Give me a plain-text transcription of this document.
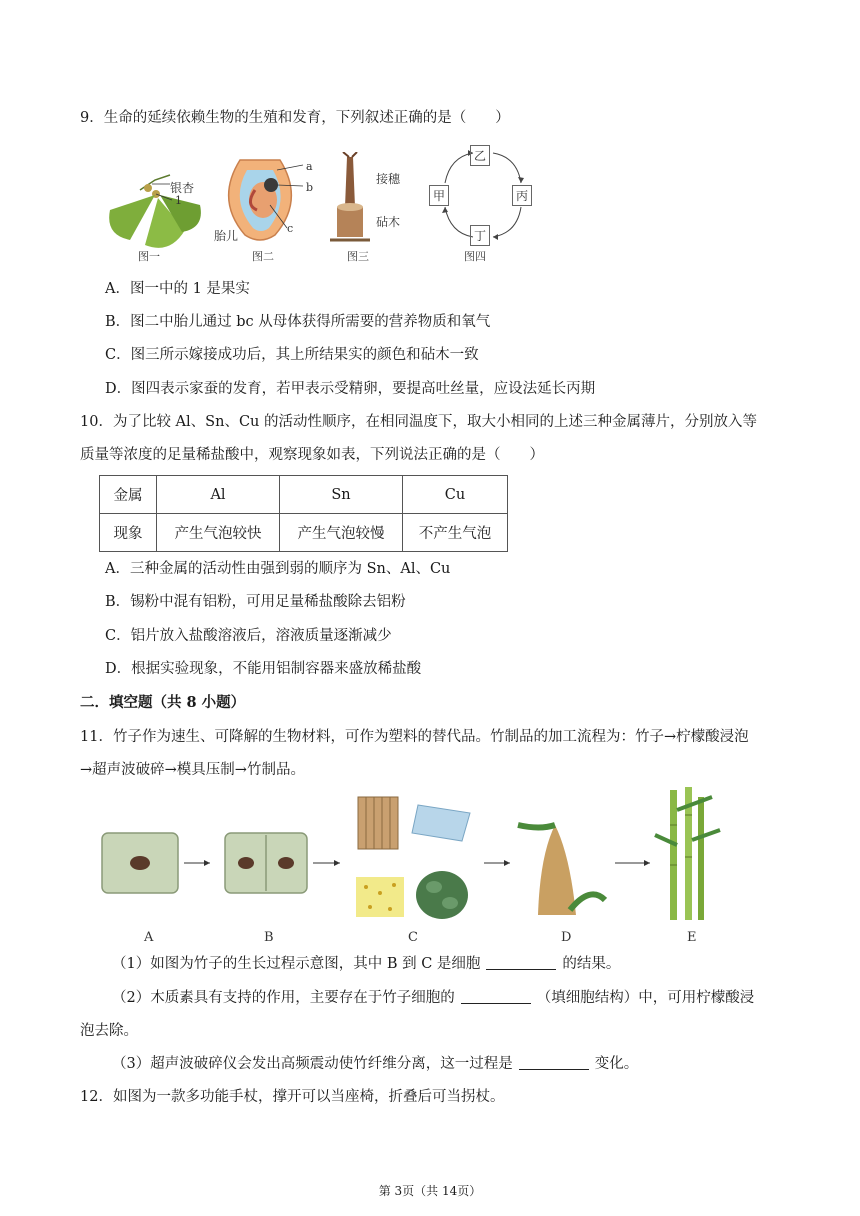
9．生命的延续依赖生物的生殖和发育，下列叙述正确的是（　　）
银杏
1
图一
a
b
c
胎儿
图二
接穗
砧木
图三
乙
甲	丙
丁
图四
A．图一中的 1 是果实
B．图二中胎儿通过 bc 从母体获得所需要的营养物质和氧气
C．图三所示嫁接成功后，其上所结果实的颜色和砧木一致
D．图四表示家蚕的发育，若甲表示受精卵，要提高吐丝量，应设法延长丙期
10．为了比较 Al、Sn、Cu 的活动性顺序，在相同温度下，取大小相同的上述三种金属薄片，分别放入等
质量等浓度的足量稀盐酸中，观察现象如表，下列说法正确的是（　　）
金属	Al	Sn	Cu
现象	产生气泡较快	产生气泡较慢	不产生气泡
A．三种金属的活动性由强到弱的顺序为 Sn、Al、Cu
B．锡粉中混有铝粉，可用足量稀盐酸除去铝粉
C．铝片放入盐酸溶液后，溶液质量逐渐减少
D．根据实验现象，不能用铝制容器来盛放稀盐酸
二．填空题（共 8 小题）
11．竹子作为速生、可降解的生物材料，可作为塑料的替代品。竹制品的加工流程为：竹子→柠檬酸浸泡
→超声波破碎→模具压制→竹制品。
A	B	C	D	E
（1）如图为竹子的生长过程示意图，其中 B 到 C 是细胞	的结果。
（2）木质素具有支持的作用，主要存在于竹子细胞的	（填细胞结构）中，可用柠檬酸浸
泡去除。
（3）超声波破碎仪会发出高频震动使竹纤维分离，这一过程是	变化。
12．如图为一款多功能手杖，撑开可以当座椅，折叠后可当拐杖。
第 3页（共 14页）
